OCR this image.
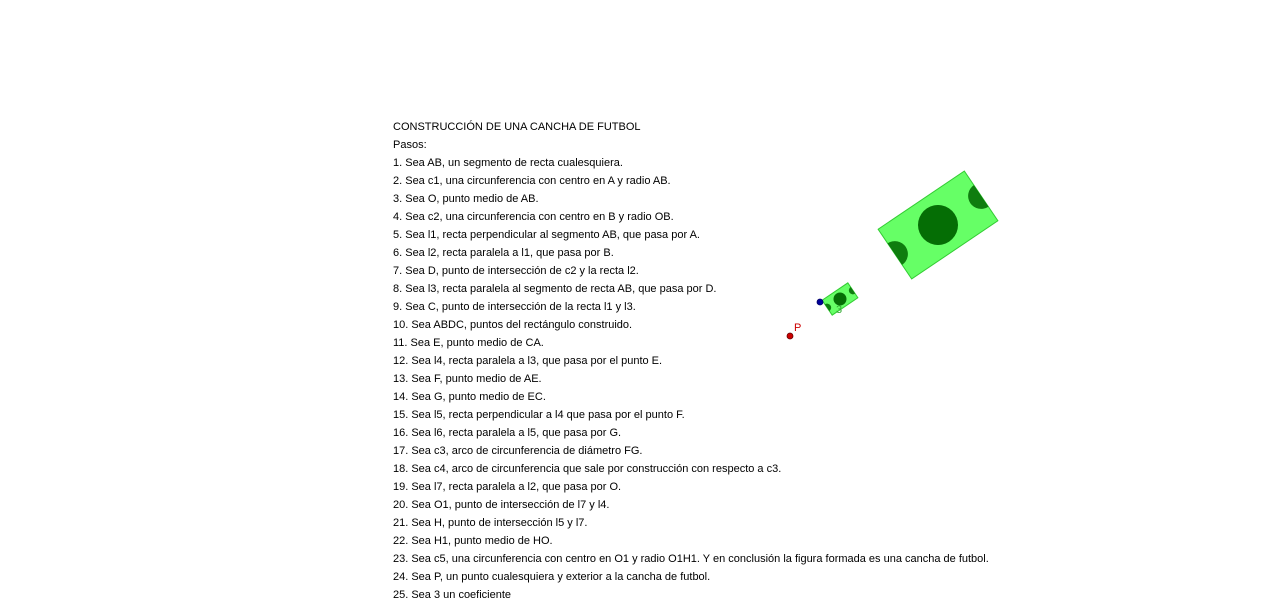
CONSTRUCCIÓN DE UNA CANCHA DE FUTBOL
Pasos:
1. Sea AB, un segmento de recta cualesquiera.
2. Sea c1, una circunferencia con centro en A y radio AB.
3. Sea O, punto medio de AB.
4. Sea c2, una circunferencia con centro en B y radio OB.
5. Sea l1, recta perpendicular al segmento AB, que pasa por A.
6. Sea l2, recta paralela a l1, que pasa por B.
7. Sea D, punto de intersección de c2 y la recta l2.
8. Sea l3, recta paralela al segmento de recta AB, que pasa por D.
9. Sea C, punto de intersección de la recta l1 y l3.
10. Sea ABDC, puntos del rectángulo construido.
11. Sea E, punto medio de CA.
12. Sea l4, recta paralela a l3, que pasa por el punto E.
13. Sea F, punto medio de AE.
14. Sea G, punto medio de EC.
15. Sea l5, recta perpendicular a l4 que pasa por el punto F.
16. Sea l6, recta paralela a l5, que pasa por G.
17. Sea c3, arco de circunferencia de diámetro FG.
18. Sea c4, arco de circunferencia que sale por construcción con respecto a c3.
19. Sea l7, recta paralela a l2, que pasa por O.
20. Sea O1, punto de intersección de l7 y l4.
21. Sea H, punto de intersección l5 y l7.
22. Sea H1, punto medio de HO.
23. Sea c5, una circunferencia con centro en O1 y radio O1H1. Y en conclusión la figura formada es una cancha de futbol.
24. Sea P, un punto cualesquiera y exterior a la cancha de futbol.
25. Sea 3 un coeficiente
3
P
